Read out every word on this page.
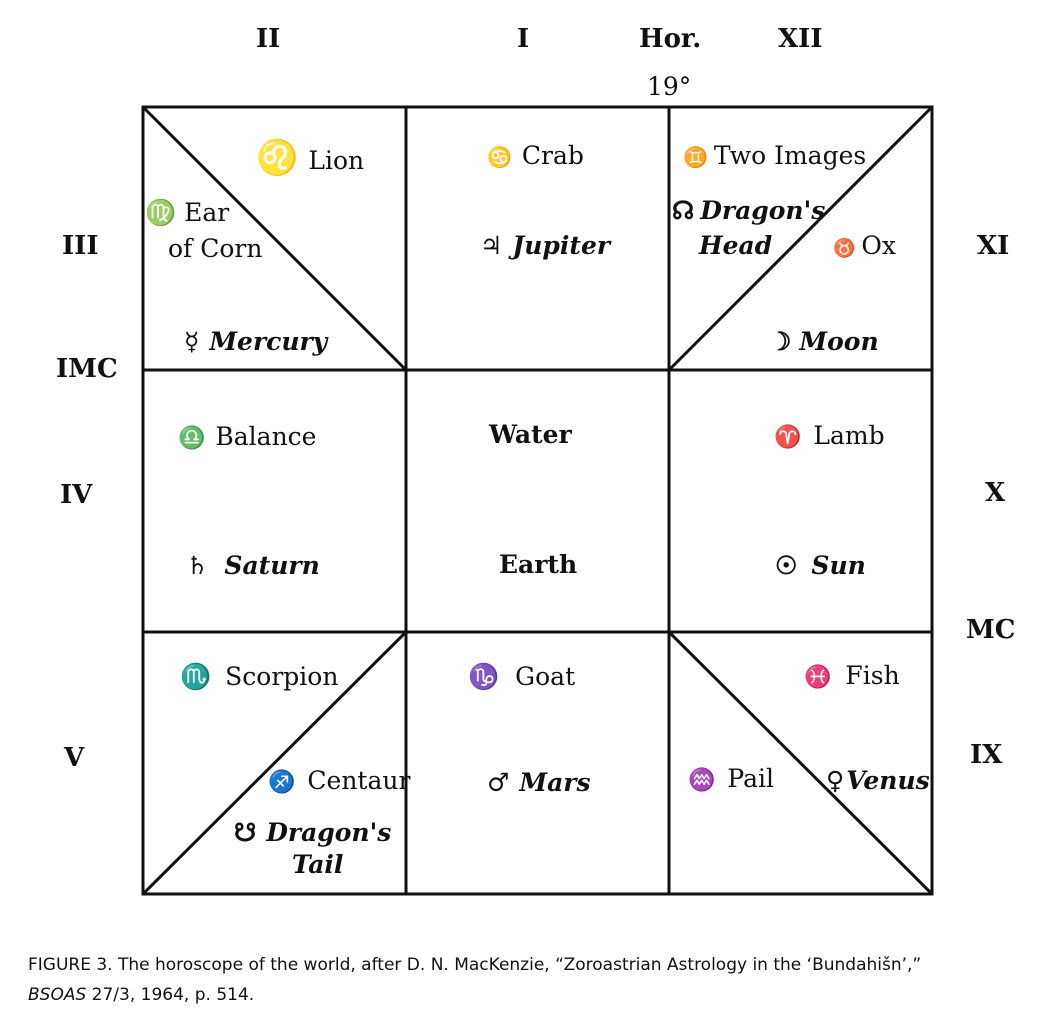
II	I	Hor.	XII
19°
III
IMC
IV
V
XI
X
MC
IX
♌ Lion
♍ Ear
of Corn
☿ Mercury
♋ Crab
♃ Jupiter
♊ Two Images
☊ Dragon's
Head	♉ Ox
☽ Moon
♎ Balance
♄ Saturn
Water
Earth
♈ Lamb
☉ Sun
♏ Scorpion
♐ Centaur
☋ Dragon's
Tail
♑ Goat
♂ Mars
♓ Fish
♒ Pail ♀Venus
FIGURE 3. The horoscope of the world, after D. N. MacKenzie, “Zoroastrian Astrology in the ‘Bundahišn’,”
BSOAS 27/3, 1964, p. 514.
